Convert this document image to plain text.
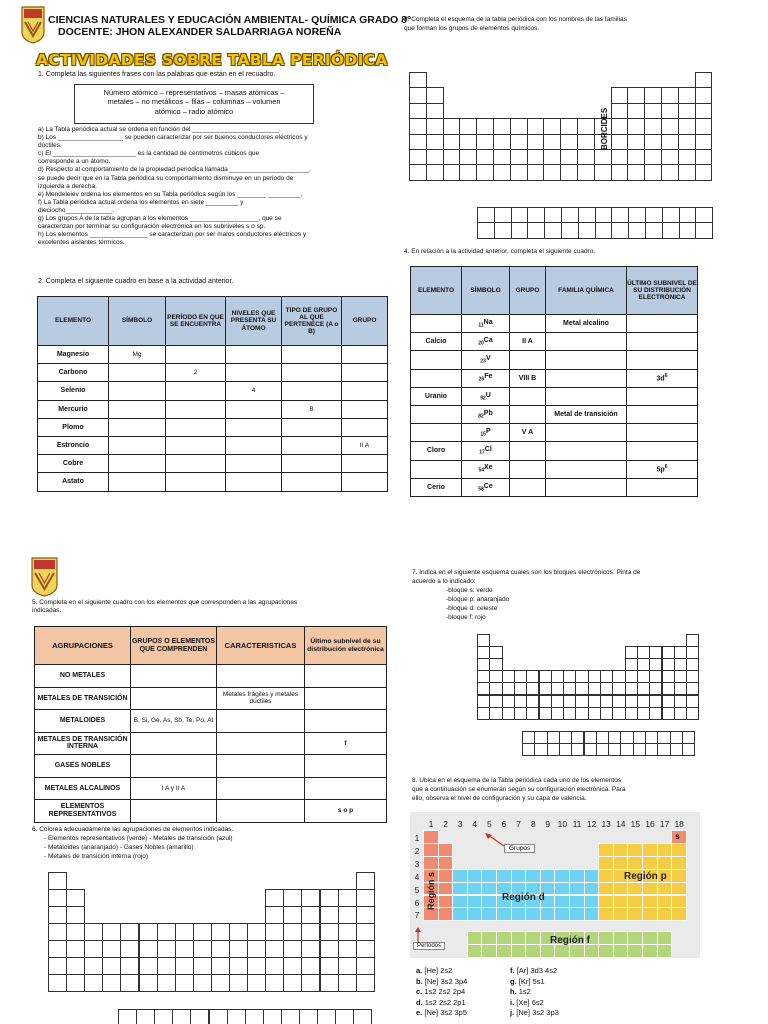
CIENCIAS NATURALES Y EDUCACIÓN AMBIENTAL- QUÍMICA GRADO 8°
DOCENTE: JHON ALEXANDER SALDARRIAGA NOREÑA
ACTIVIDADES SOBRE TABLA PERIÓDICA
1. Completa las siguientes frases con las palabras que están en el recuadro.
Número atómico – representativos – masas atómicas –
metales – no metálicos – filas – columnas – volumen
atómico – radio atómico

a) La Tabla periódica actual se ordena en función del ________________________.

b) Los __________________ se pueden caracterizar por ser buenos conductores eléctricos y

dúctiles.

c) El _______________________ es la cantidad de centímetros cúbicos que

corresponde a un átomo.

d) Respecto al comportamiento de la propiedad periódica llamada ______________________,

se puede decir que en la Tabla periódica su comportamiento disminuye en un periodo de

izquierda a derecha.

e) Mendeleiev ordena los elementos en su Tabla periódica según los ________ _________.

f) La Tabla periódica actual ordena los elementos en siete _________ y

dieciocho_____________.

g) Los grupos A de la tabla agrupan a los elementos ___________________, que se

caracterizan por terminar su configuración electrónica en los subniveles s o sp.

h) Los elementos ________________ se caracterizan por ser malos conductores eléctricos y

excelentes aislantes térmicos.

2. Completa el siguiente cuadro en base a la actividad anterior.
ELEMENTO	SÍMBOLO	PERÍODO EN QUE SE ENCUENTRA	NIVELES QUE PRESENTA SU ÁTOMO	TIPO DE GRUPO AL QUE PERTENECE (A o B)	GRUPO
Magnesio	Mg				
Carbono		2			
Selenio			4		
Mercurio				B	
Plomo					
Estroncio					II A
Cobre					
Astato					
3. Completa el esquema de la tabla periódica con los nombres de las familias
que forman los grupos de elementos químicos.
BORCIDES
4. En relación a la actividad anterior, completa el siguiente cuadro.
ELEMENTO	SÍMBOLO	GRUPO	FAMILIA QUÍMICA	ÚLTIMO SUBNIVEL DE SU DISTRIBUCIÓN ELECTRÓNICA
	$_{11}$Na		Metal alcalino	
Calcio	$_{20}$Ca	II A		
	$_{23}$V			
	$_{26}$Fe	VIII B		$3d^6$
Uranio	$_{92}$U			
	$_{82}$Pb		Metal de transición	
	$_{15}$P	V A		
Cloro	$_{17}$Cl			
	$_{54}$Xe			$5p^6$
Cerio	$_{58}$Ce			
5. Completa en el siguiente cuadro con los elementos que corresponden a las agrupaciones
indicadas.
AGRUPACIONES	GRUPOS O ELEMENTOS QUE COMPRENDEN	CARACTERISTICAS	Último subnivel de su distribución electrónica
NO METALES			
METALES DE TRANSICIÓN		Metales frágiles y metales dúctiles	
METALOIDES	B, Si, Ge, As, Sb, Te, Po, At		
METALES DE TRANSICIÓN INTERNA			f
GASES NOBLES			
METALES ALCALINOS	I A y II A		
ELEMENTOS REPRESENTATIVOS			s o p
6. Colorea adecuadamente las agrupaciones de elementos indicadas.
- Elementos representativos (verde) - Metales de transición (azul)
- Metaloides (anaranjado) - Gases Nobles (amarillo)
- Metales de transición interna (rojo)
7. Indica en el siguiente esquema cuales son los bloques electrónicos. Pinta de
acuerdo a lo indicado:
-bloque s: verde
-bloque p: anaranjado
-bloque d: celeste
-bloque f: rojo
8. Ubica en el esquema de la Tabla periódica cada uno de los elementos
que a continuación se enumeran según su configuración electrónica. Para
ello, observa el nivel de configuración y su capa de valencia.
1	2	3	4	5	6	7	8	9 10 11 12 13 14 15 16 17 18
1
2
3
4
5
6
7
s
Región s	Región d
Región p
Región f
Grupos
Períodos
a. [He] 2s2
b. [Ne] 3s2 3p4
c. 1s2 2s2 2p4
d. 1s2 2s2 2p1
e. [Ne] 3s2 3p5
f. [Ar] 3d3 4s2
g. [Kr] 5s1
h. 1s2
i. [Xe] 6s2
j. [Ne] 3s2 3p3
